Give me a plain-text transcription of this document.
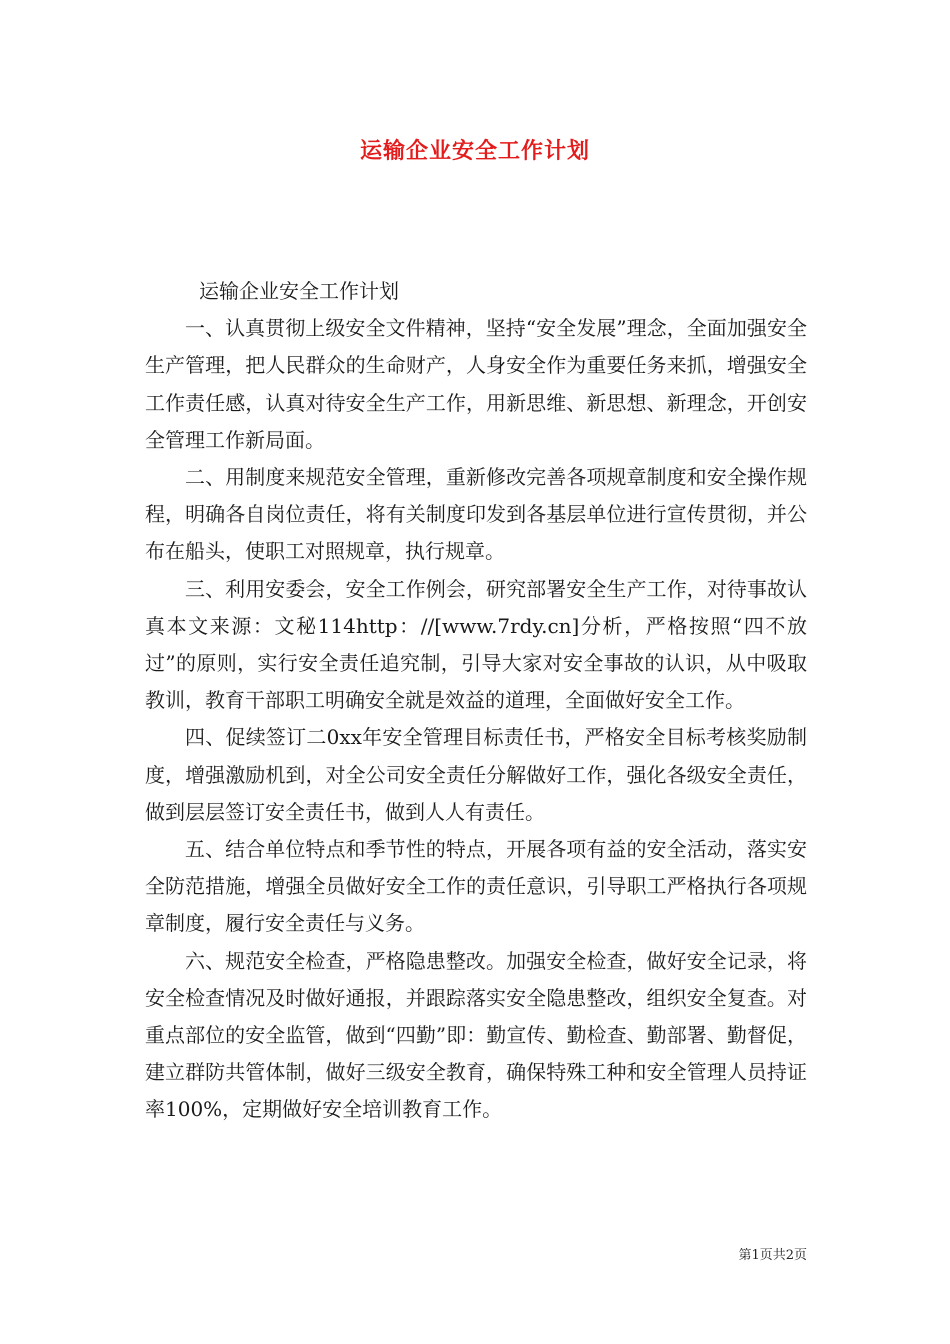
运输企业安全工作计划

运输企业安全工作计划

一、认真贯彻上级安全文件精神，坚持“安全发展”理念，全面加强安全生产管理，把人民群众的生命财产，人身安全作为重要任务来抓，增强安全工作责任感，认真对待安全生产工作，用新思维、新思想、新理念，开创安全管理工作新局面。

二、用制度来规范安全管理，重新修改完善各项规章制度和安全操作规程，明确各自岗位责任，将有关制度印发到各基层单位进行宣传贯彻，并公布在船头，使职工对照规章，执行规章。

三、利用安委会，安全工作例会，研究部署安全生产工作，对待事故认真本文来源：文秘114http：//[www.7rdy.cn]分析，严格按照“四不放过”的原则，实行安全责任追究制，引导大家对安全事故的认识，从中吸取教训，教育干部职工明确安全就是效益的道理，全面做好安全工作。

四、促续签订二0xx年安全管理目标责任书，严格安全目标考核奖励制度，增强激励机到，对全公司安全责任分解做好工作，强化各级安全责任，做到层层签订安全责任书，做到人人有责任。

五、结合单位特点和季节性的特点，开展各项有益的安全活动，落实安全防范措施，增强全员做好安全工作的责任意识，引导职工严格执行各项规章制度，履行安全责任与义务。

六、规范安全检查，严格隐患整改。加强安全检查，做好安全记录，将安全检查情况及时做好通报，并跟踪落实安全隐患整改，组织安全复查。对重点部位的安全监管，做到“四勤”即：勤宣传、勤检查、勤部署、勤督促，建立群防共管体制，做好三级安全教育，确保特殊工种和安全管理人员持证率100%，定期做好安全培训教育工作。

第1页共2页
